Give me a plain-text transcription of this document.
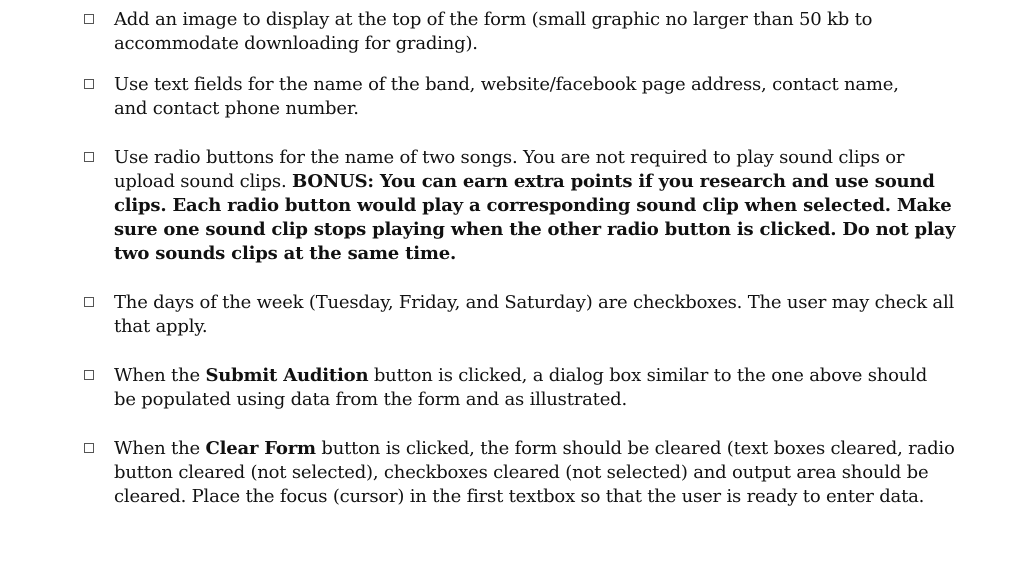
Add an image to display at the top of the form (small graphic no larger than 50 kb to accommodate downloading for grading).
Use text fields for the name of the band, website/facebook page address, contact name, and contact phone number.
Use radio buttons for the name of two songs. You are not required to play sound clips or upload sound clips. BONUS: You can earn extra points if you research and use sound clips. Each radio button would play a corresponding sound clip when selected. Make sure one sound clip stops playing when the other radio button is clicked. Do not play two sounds clips at the same time.
The days of the week (Tuesday, Friday, and Saturday) are checkboxes. The user may check all that apply.
When the Submit Audition button is clicked, a dialog box similar to the one above should be populated using data from the form and as illustrated.
When the Clear Form button is clicked, the form should be cleared (text boxes cleared, radio button cleared (not selected), checkboxes cleared (not selected) and output area should be cleared. Place the focus (cursor) in the first textbox so that the user is ready to enter data.
